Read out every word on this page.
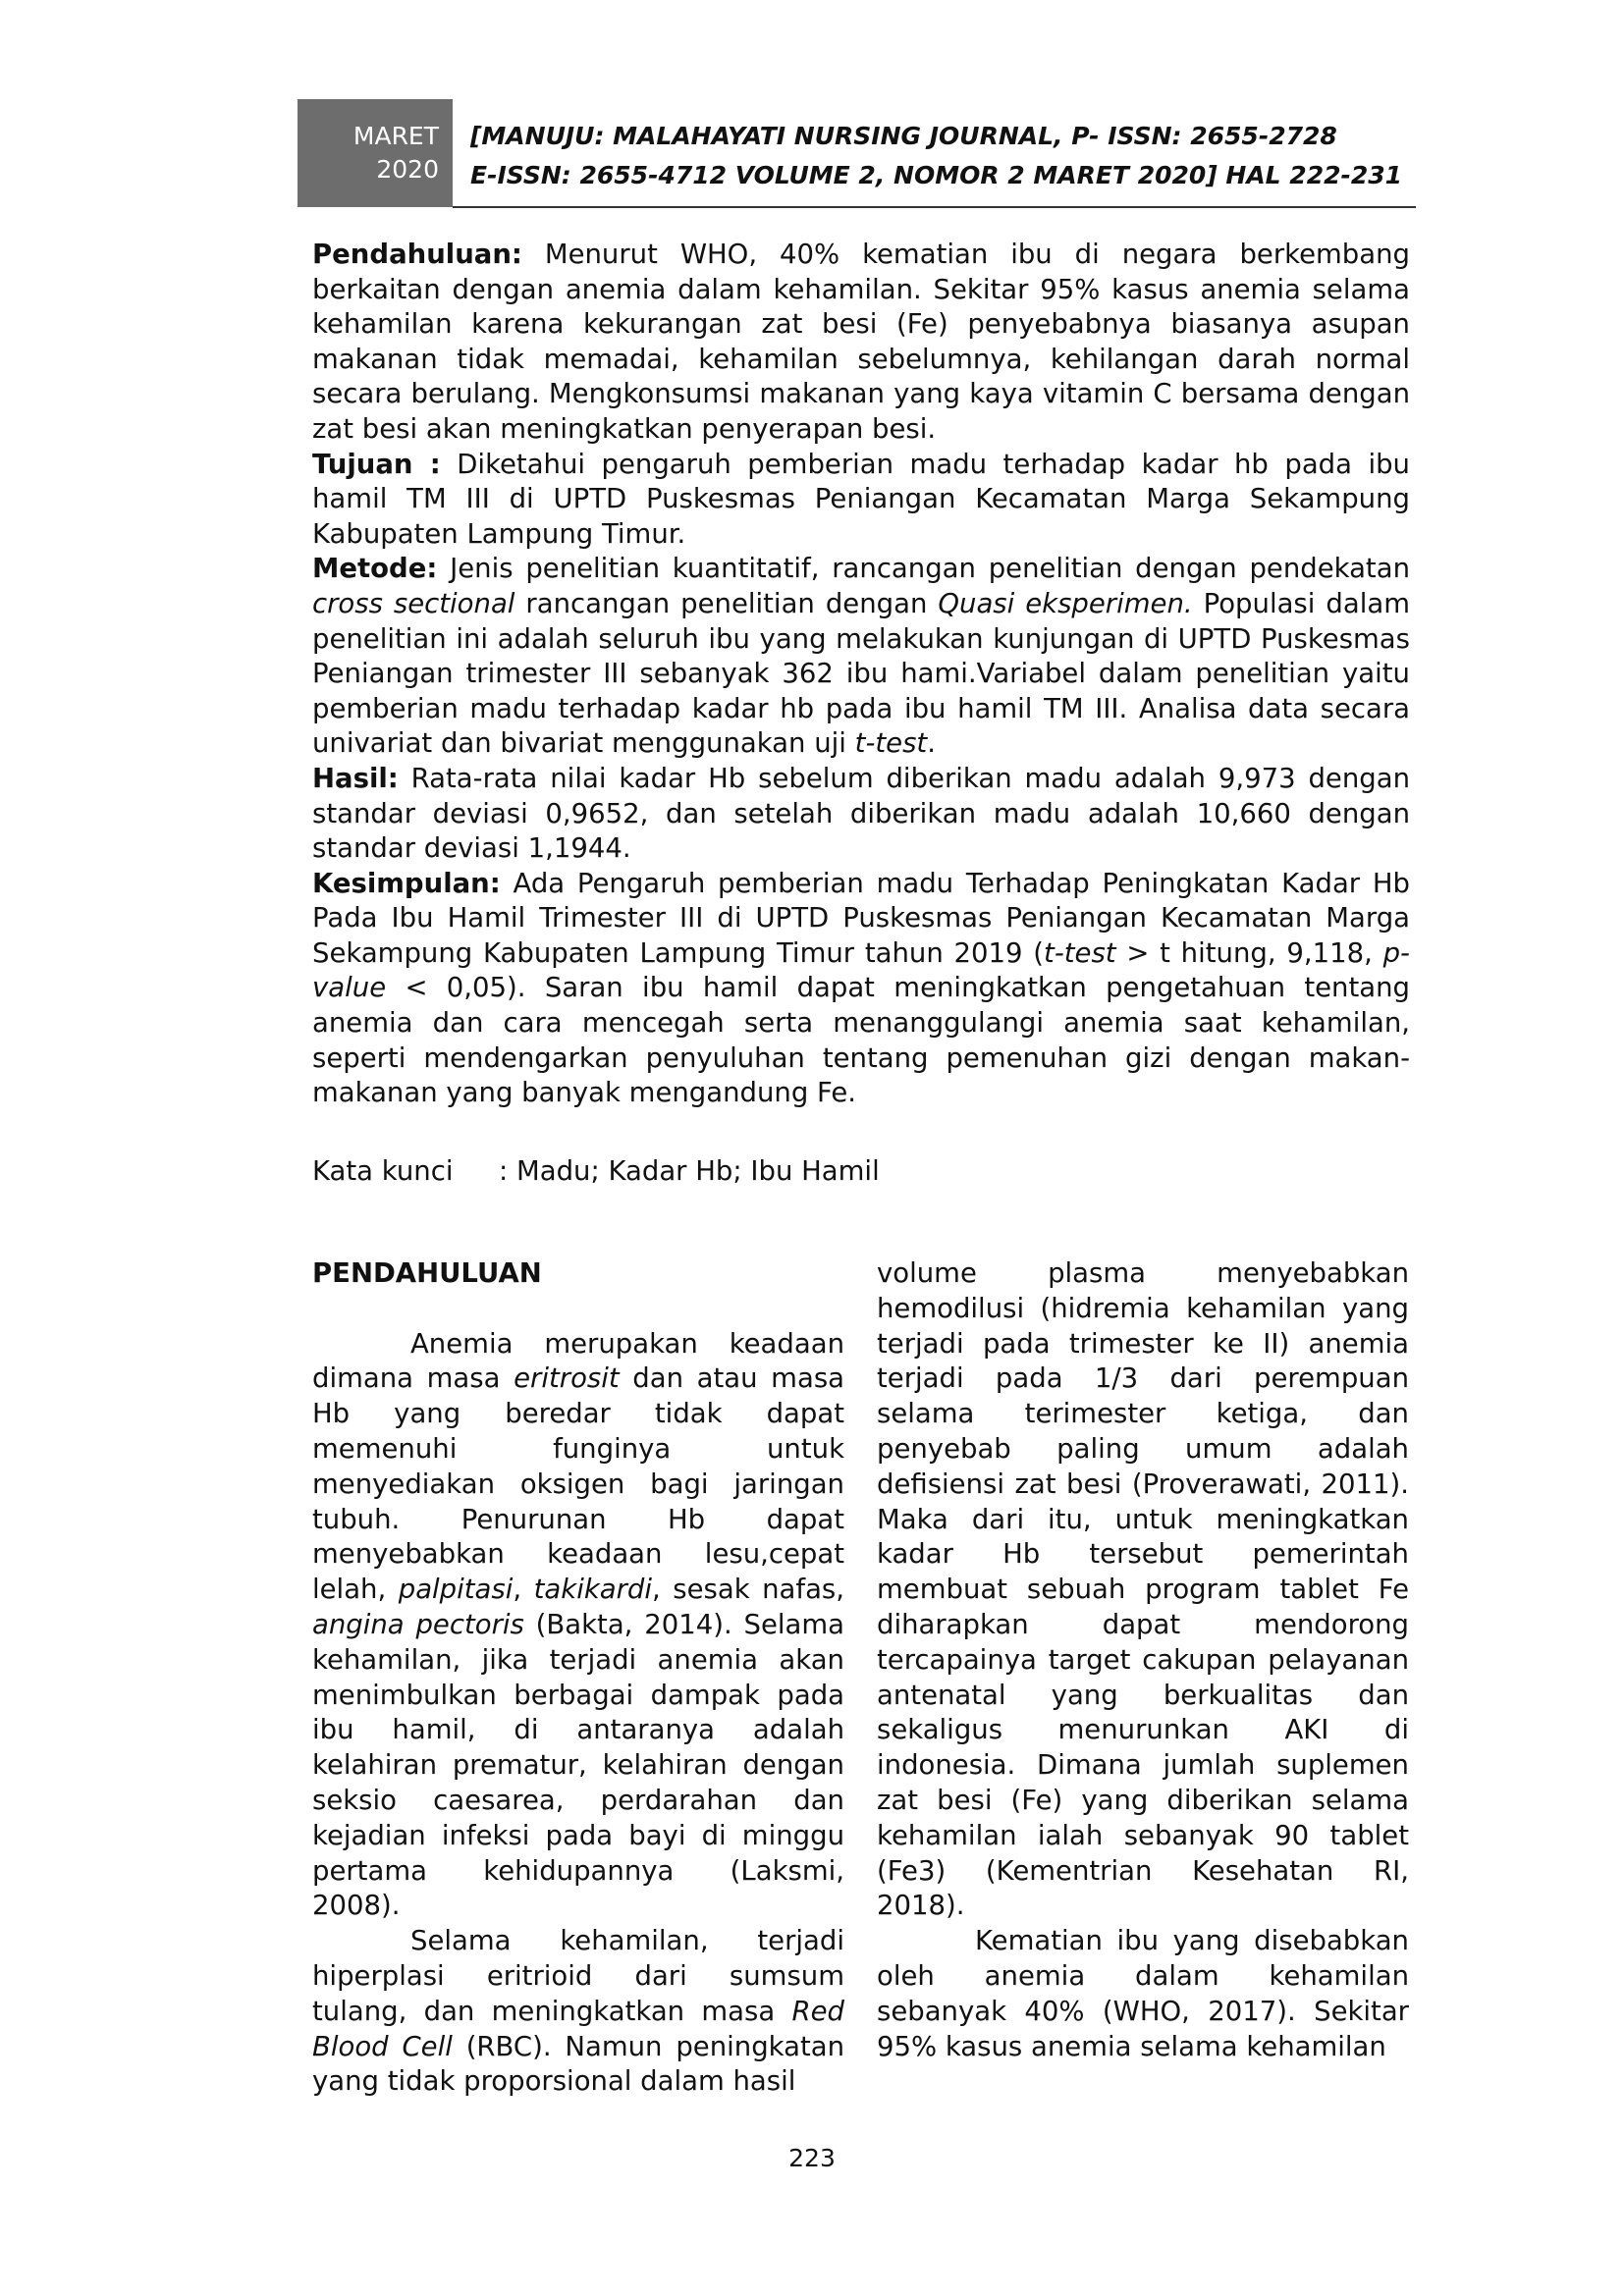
MARET
2020
[MANUJU: MALAHAYATI NURSING JOURNAL, P- ISSN: 2655-2728
E-ISSN: 2655-4712 VOLUME 2, NOMOR 2 MARET 2020] HAL 222-231

Pendahuluan: Menurut WHO, 40% kematian ibu di negara berkembang berkaitan dengan anemia dalam kehamilan. Sekitar 95% kasus anemia selama kehamilan karena kekurangan zat besi (Fe) penyebabnya biasanya asupan makanan tidak memadai, kehamilan sebelumnya, kehilangan darah normal secara berulang. Mengkonsumsi makanan yang kaya vitamin C bersama dengan zat besi akan meningkatkan penyerapan besi.

Tujuan : Diketahui pengaruh pemberian madu terhadap kadar hb pada ibu hamil TM III di UPTD Puskesmas Peniangan Kecamatan Marga Sekampung Kabupaten Lampung Timur.

Metode: Jenis penelitian kuantitatif, rancangan penelitian dengan pendekatan cross sectional rancangan penelitian dengan Quasi eksperimen. Populasi dalam penelitian ini adalah seluruh ibu yang melakukan kunjungan di UPTD Puskesmas Peniangan trimester III sebanyak 362 ibu hami.Variabel dalam penelitian yaitu pemberian madu terhadap kadar hb pada ibu hamil TM III. Analisa data secara univariat dan bivariat menggunakan uji t-test.

Hasil: Rata-rata nilai kadar Hb sebelum diberikan madu adalah 9,973 dengan standar deviasi 0,9652, dan setelah diberikan madu adalah 10,660 dengan standar deviasi 1,1944.

Kesimpulan: Ada Pengaruh pemberian madu Terhadap Peningkatan Kadar Hb Pada Ibu Hamil Trimester III di UPTD Puskesmas Peniangan Kecamatan Marga Sekampung Kabupaten Lampung Timur tahun 2019 (t-test > t hitung, 9,118, p-value < 0,05). Saran ibu hamil dapat meningkatkan pengetahuan tentang anemia dan cara mencegah serta menanggulangi anemia saat kehamilan, seperti mendengarkan penyuluhan tentang pemenuhan gizi dengan makan-makanan yang banyak mengandung Fe.

Kata kunci : Madu; Kadar Hb; Ibu Hamil

PENDAHULUAN

Anemia merupakan keadaan dimana masa eritrosit dan atau masa Hb yang beredar tidak dapat memenuhi funginya untuk menyediakan oksigen bagi jaringan tubuh. Penurunan Hb dapat menyebabkan keadaan lesu,cepat lelah, palpitasi, takikardi, sesak nafas, angina pectoris (Bakta, 2014). Selama kehamilan, jika terjadi anemia akan menimbulkan berbagai dampak pada ibu hamil, di antaranya adalah kelahiran prematur, kelahiran dengan seksio caesarea, perdarahan dan kejadian infeksi pada bayi di minggu pertama kehidupannya (Laksmi, 2008).

Selama kehamilan, terjadi hiperplasi eritrioid dari sumsum tulang, dan meningkatkan masa Red Blood Cell (RBC). Namun peningkatan yang tidak proporsional dalam hasil

volume plasma menyebabkan hemodilusi (hidremia kehamilan yang terjadi pada trimester ke II) anemia terjadi pada 1/3 dari perempuan selama terimester ketiga, dan penyebab paling umum adalah defisiensi zat besi (Proverawati, 2011). Maka dari itu, untuk meningkatkan kadar Hb tersebut pemerintah membuat sebuah program tablet Fe diharapkan dapat mendorong tercapainya target cakupan pelayanan antenatal yang berkualitas dan sekaligus menurunkan AKI di indonesia. Dimana jumlah suplemen zat besi (Fe) yang diberikan selama kehamilan ialah sebanyak 90 tablet (Fe3) (Kementrian Kesehatan RI, 2018).

Kematian ibu yang disebabkan oleh anemia dalam kehamilan sebanyak 40% (WHO, 2017). Sekitar 95% kasus anemia selama kehamilan

223
